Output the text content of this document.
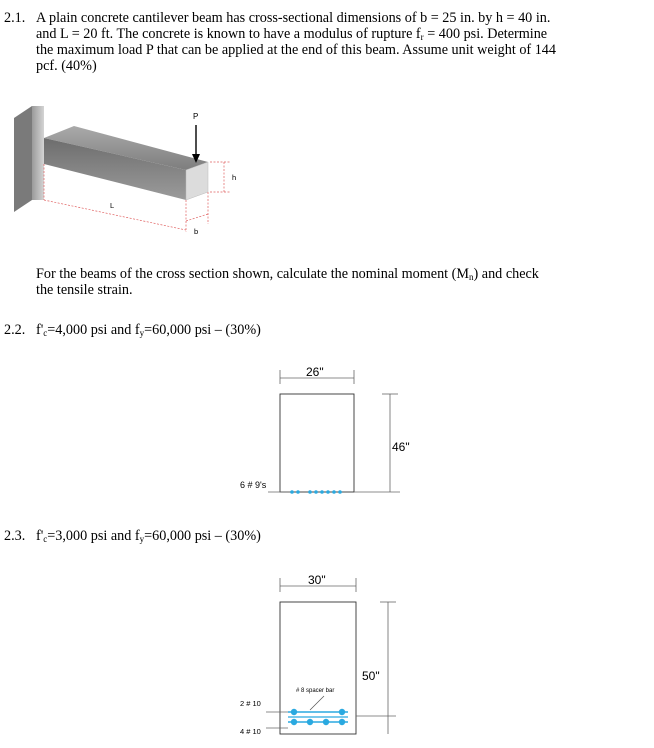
2.1. A plain concrete cantilever beam has cross-sectional dimensions of b = 25 in. by h = 40 in.
and L = 20 ft. The concrete is known to have a modulus of rupture $f_r = 400$ psi. Determine
the maximum load P that can be applied at the end of this beam. Assume unit weight of 144
pcf. (40%)
P
L
h
b
For the beams of the cross section shown, calculate the nominal moment $(M_n)$ and check
the tensile strain.
2.2. $f'_c=4,000$ psi and $f_y=60,000$ psi – (30%)
26"
46"
6 # 9's
2.3. $f'_c=3,000$ psi and $f_y=60,000$ psi – (30%)
30"
50"
# 8 spacer bar
2 # 10
4 # 10
